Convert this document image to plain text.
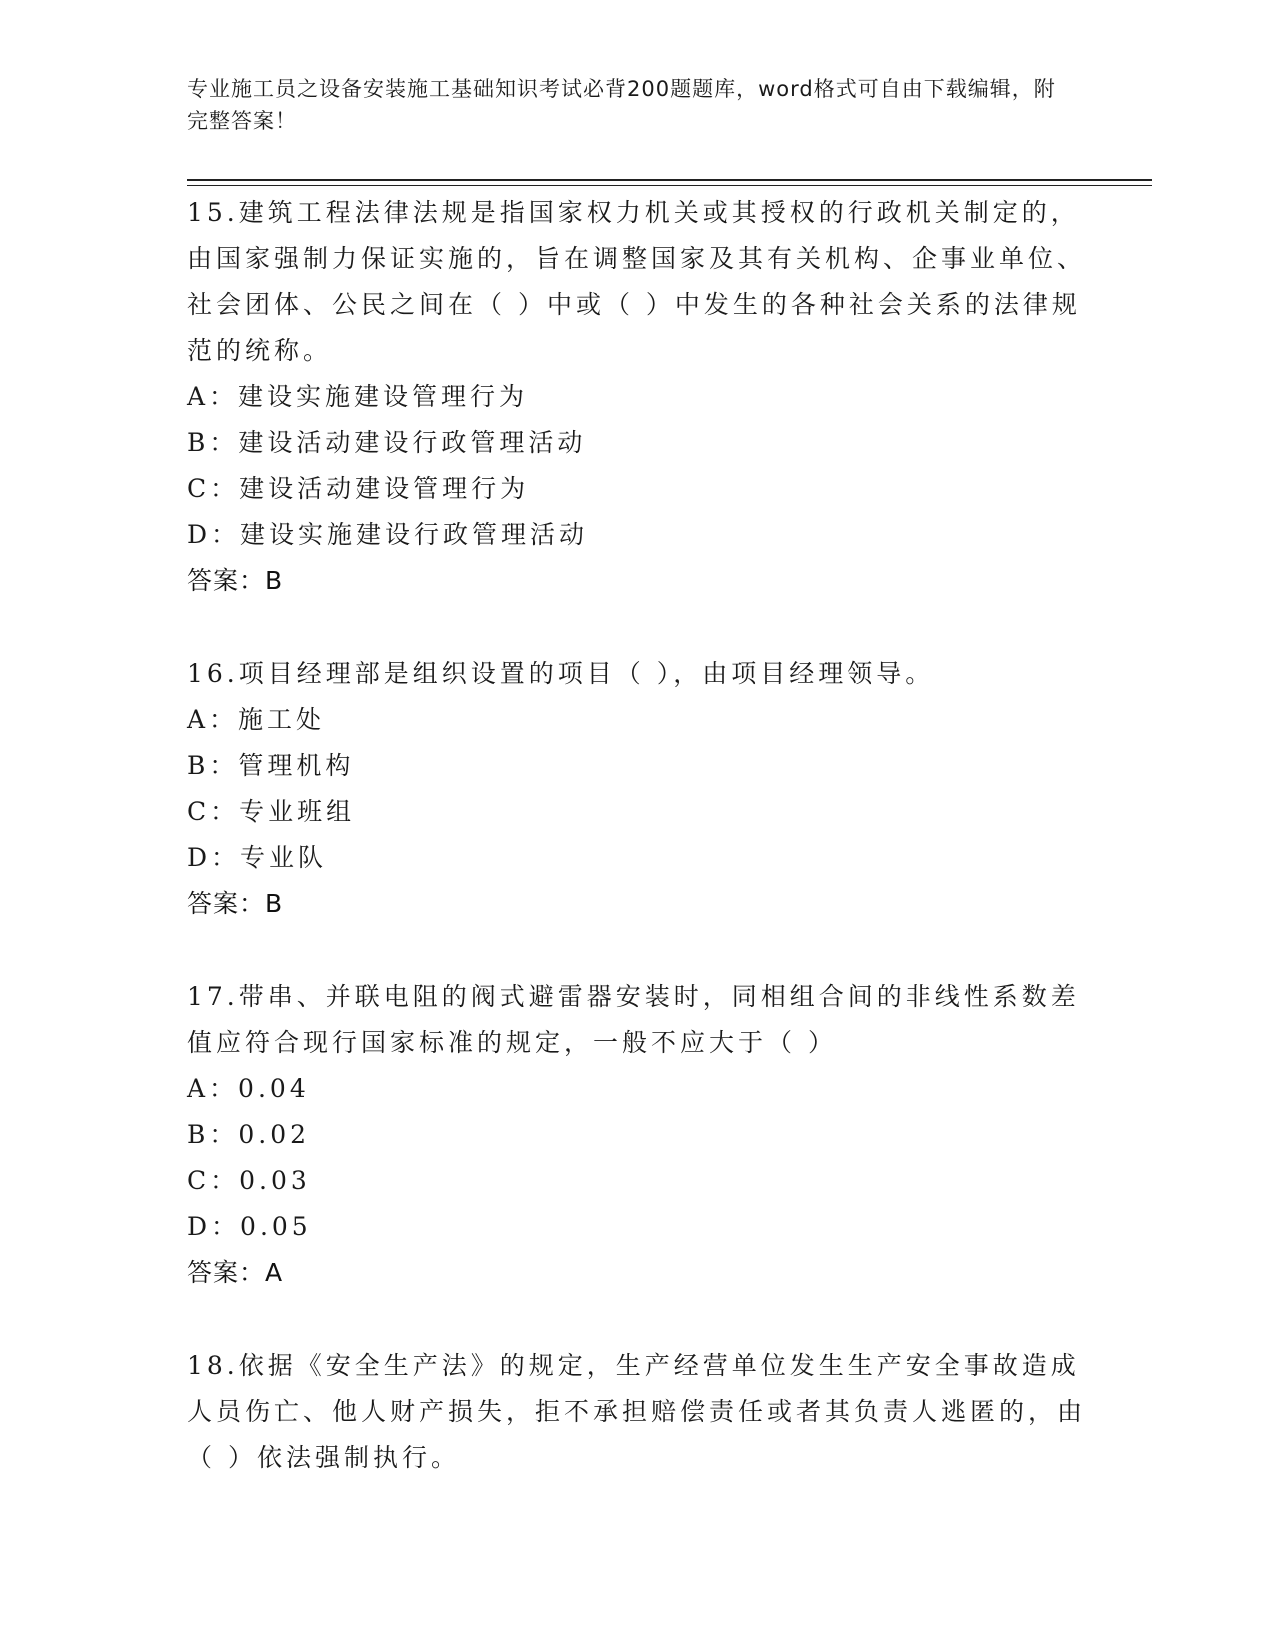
专业施工员之设备安装施工基础知识考试必背200题题库，word格式可自由下载编辑，附完整答案！

15.建筑工程法律法规是指国家权力机关或其授权的行政机关制定的，由国家强制力保证实施的，旨在调整国家及其有关机构、企事业单位、社会团体、公民之间在（ ）中或（ ）中发生的各种社会关系的法律规范的统称。

A：建设实施建设管理行为

B：建设活动建设行政管理活动

C：建设活动建设管理行为

D：建设实施建设行政管理活动

答案：B

16.项目经理部是组织设置的项目（ ），由项目经理领导。

A：施工处

B：管理机构

C：专业班组

D：专业队

答案：B

17.带串、并联电阻的阀式避雷器安装时，同相组合间的非线性系数差值应符合现行国家标准的规定，一般不应大于（ ）

A：0.04

B：0.02

C：0.03

D：0.05

答案：A

18.依据《安全生产法》的规定，生产经营单位发生生产安全事故造成人员伤亡、他人财产损失，拒不承担赔偿责任或者其负责人逃匿的，由（ ）依法强制执行。
